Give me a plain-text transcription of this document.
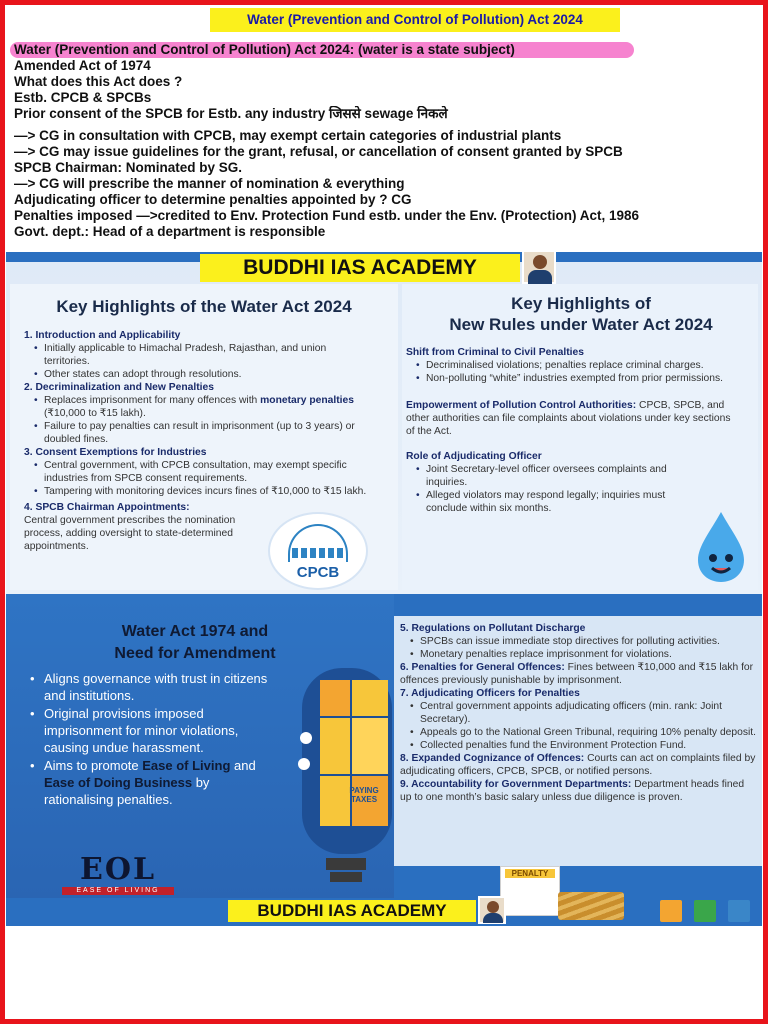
Water (Prevention and Control of Pollution) Act 2024
Water (Prevention and Control of Pollution) Act 2024: (water is a state subject)
Amended Act of 1974
What does this Act does ?
Estb. CPCB & SPCBs
Prior consent of the SPCB for Estb. any industry जिससे sewage निकले
—> CG in consultation with CPCB, may exempt certain categories of industrial plants
—> CG may issue guidelines for the grant, refusal, or cancellation of consent granted by SPCB
SPCB Chairman: Nominated by SG.
—> CG will prescribe the manner of nomination & everything
Adjudicating officer to determine penalties appointed by ? CG
Penalties imposed —>credited to Env. Protection Fund estb. under the Env. (Protection) Act, 1986
Govt. dept.: Head of a department is responsible
BUDDHI IAS ACADEMY
Key Highlights of the Water Act 2024
1. Introduction and Applicability
• Initially applicable to Himachal Pradesh, Rajasthan, and union territories.
• Other states can adopt through resolutions.
2. Decriminalization and New Penalties
• Replaces imprisonment for many offences with monetary penalties (₹10,000 to ₹15 lakh).
• Failure to pay penalties can result in imprisonment (up to 3 years) or doubled fines.
3. Consent Exemptions for Industries
• Central government, with CPCB consultation, may exempt specific industries from SPCB consent requirements.
• Tampering with monitoring devices incurs fines of ₹10,000 to ₹15 lakh.
4. SPCB Chairman Appointments:
Central government prescribes the nomination process, adding oversight to state-determined appointments.
CPCB
Key Highlights of
New Rules under Water Act 2024
Shift from Criminal to Civil Penalties
• Decriminalised violations; penalties replace criminal charges.
• Non-polluting “white” industries exempted from prior permissions.
Empowerment of Pollution Control Authorities: CPCB, SPCB, and other authorities can file complaints about violations under key sections of the Act.
Role of Adjudicating Officer
• Joint Secretary-level officer oversees complaints and inquiries.
• Alleged violators may respond legally; inquiries must conclude within six months.
Water Act 1974 and
Need for Amendment
• Aligns governance with trust in citizens and institutions.
• Original provisions imposed imprisonment for minor violations, causing undue harassment.
• Aims to promote Ease of Living and Ease of Doing Business by rationalising penalties.
PAYING
TAXES
EOL
EASE OF LIVING
5. Regulations on Pollutant Discharge
• SPCBs can issue immediate stop directives for polluting activities.
• Monetary penalties replace imprisonment for violations.
6. Penalties for General Offences: Fines between ₹10,000 and ₹15 lakh for offences previously punishable by imprisonment.
7. Adjudicating Officers for Penalties
• Central government appoints adjudicating officers (min. rank: Joint Secretary).
• Appeals go to the National Green Tribunal, requiring 10% penalty deposit.
• Collected penalties fund the Environment Protection Fund.
8. Expanded Cognizance of Offences: Courts can act on complaints filed by adjudicating officers, CPCB, SPCB, or notified persons.
9. Accountability for Government Departments: Department heads fined up to one month’s basic salary unless due diligence is proven.
PENALTY
BUDDHI IAS ACADEMY
